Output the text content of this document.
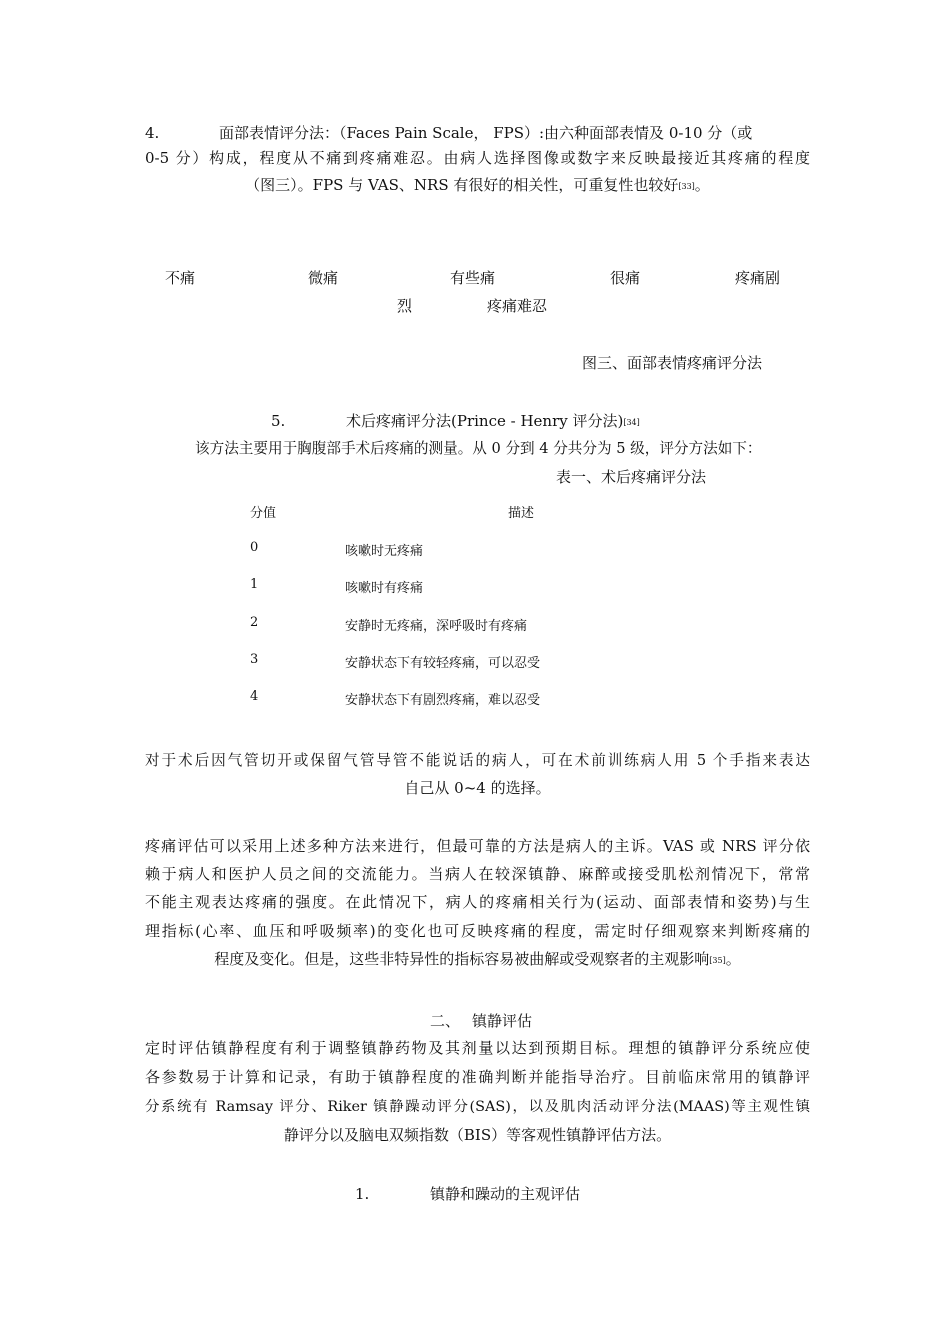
4.	面部表情评分法：（Faces Pain Scale， FPS）:由六种面部表情及 0-10 分（或
0-5 分）构成，程度从不痛到疼痛难忍。由病人选择图像或数字来反映最接近其疼痛的程度
（图三）。FPS 与 VAS、NRS 有很好的相关性，可重复性也较好[33]。
不痛	微痛	有些痛	很痛	疼痛剧
烈	疼痛难忍
图三、面部表情疼痛评分法
5.	术后疼痛评分法(Prince - Henry 评分法)[34]
该方法主要用于胸腹部手术后疼痛的测量。从 0 分到 4 分共分为 5 级，评分方法如下：
表一、术后疼痛评分法
分值	描述
0	咳嗽时无疼痛
1	咳嗽时有疼痛
2	安静时无疼痛，深呼吸时有疼痛
3	安静状态下有较轻疼痛，可以忍受
4	安静状态下有剧烈疼痛，难以忍受
对于术后因气管切开或保留气管导管不能说话的病人，可在术前训练病人用 5 个手指来表达
自己从 0~4 的选择。
疼痛评估可以采用上述多种方法来进行，但最可靠的方法是病人的主诉。VAS 或 NRS 评分依
赖于病人和医护人员之间的交流能力。当病人在较深镇静、麻醉或接受肌松剂情况下，常常
不能主观表达疼痛的强度。在此情况下，病人的疼痛相关行为(运动、面部表情和姿势)与生
理指标(心率、血压和呼吸频率)的变化也可反映疼痛的程度，需定时仔细观察来判断疼痛的
程度及变化。但是，这些非特异性的指标容易被曲解或受观察者的主观影响[35]。
二、 镇静评估
定时评估镇静程度有利于调整镇静药物及其剂量以达到预期目标。理想的镇静评分系统应使
各参数易于计算和记录，有助于镇静程度的准确判断并能指导治疗。目前临床常用的镇静评
分系统有 Ramsay 评分、Riker 镇静躁动评分(SAS)，以及肌肉活动评分法(MAAS)等主观性镇
静评分以及脑电双频指数（BIS）等客观性镇静评估方法。
1.	镇静和躁动的主观评估
